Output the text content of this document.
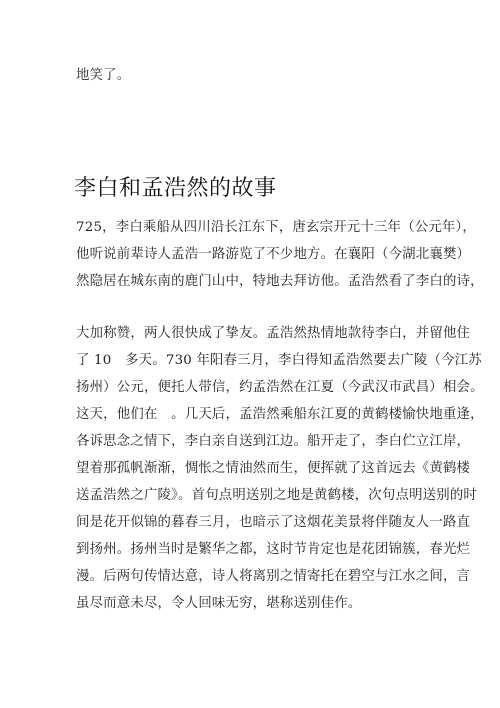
地笑了。
李白和孟浩然的故事
725，李白乘船从四川沿长江东下，唐玄宗开元十三年（公元年），
他听说前辈诗人孟浩一路游览了不少地方。在襄阳（今湖北襄樊）
然隐居在城东南的鹿门山中，特地去拜访他。孟浩然看了李白的诗，
大加称赞，两人很快成了挚友。孟浩然热情地款待李白，并留他住
了 10　多天。730 年阳春三月，李白得知孟浩然要去广陵（今江苏
扬州）公元，便托人带信，约孟浩然在江夏（今武汉市武昌）相会。
这天，他们在　。几天后，孟浩然乘船东江夏的黄鹤楼愉快地重逢，
各诉思念之情下，李白亲自送到江边。船开走了，李白伫立江岸，
望着那孤帆渐渐，惆怅之情油然而生，便挥就了这首远去《黄鹤楼
送孟浩然之广陵》。首句点明送别之地是黄鹤楼，次句点明送别的时
间是花开似锦的暮春三月，也暗示了这烟花美景将伴随友人一路直
到扬州。扬州当时是繁华之都，这时节肯定也是花团锦簇，春光烂
漫。后两句传情达意，诗人将离别之情寄托在碧空与江水之间，言
虽尽而意未尽，令人回味无穷，堪称送别佳作。
